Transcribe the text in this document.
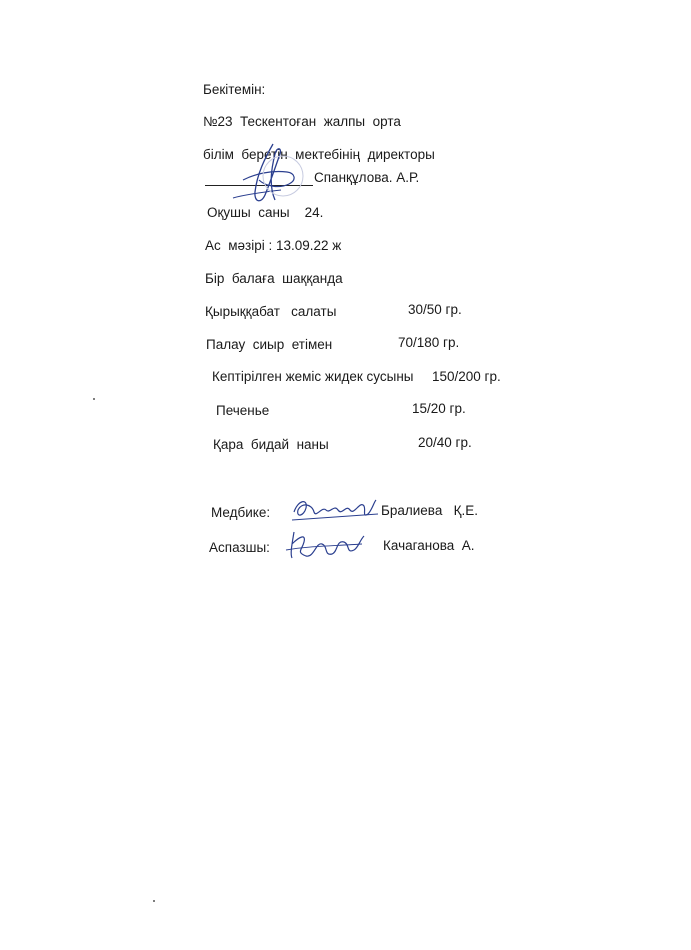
Бекітемін:
№23  Тескентоған  жалпы  орта
білім  беретін  мектебінің  директоры
Спанқұлова. А.Р.
Оқушы  саны    24.
Ас  мәзірі : 13.09.22 ж
Бір  балаға  шаққанда
Қырыққабат   салаты	30/50 гр.
Палау  сиыр  етімен	70/180 гр.
Кептірілген жеміс жидек сусыны 150/200 гр.
Печенье	15/20 гр.
Қара  бидай  наны	20/40 гр.
Медбике:	Бралиева   Қ.Е.
Аспазшы:	Качаганова  А.
